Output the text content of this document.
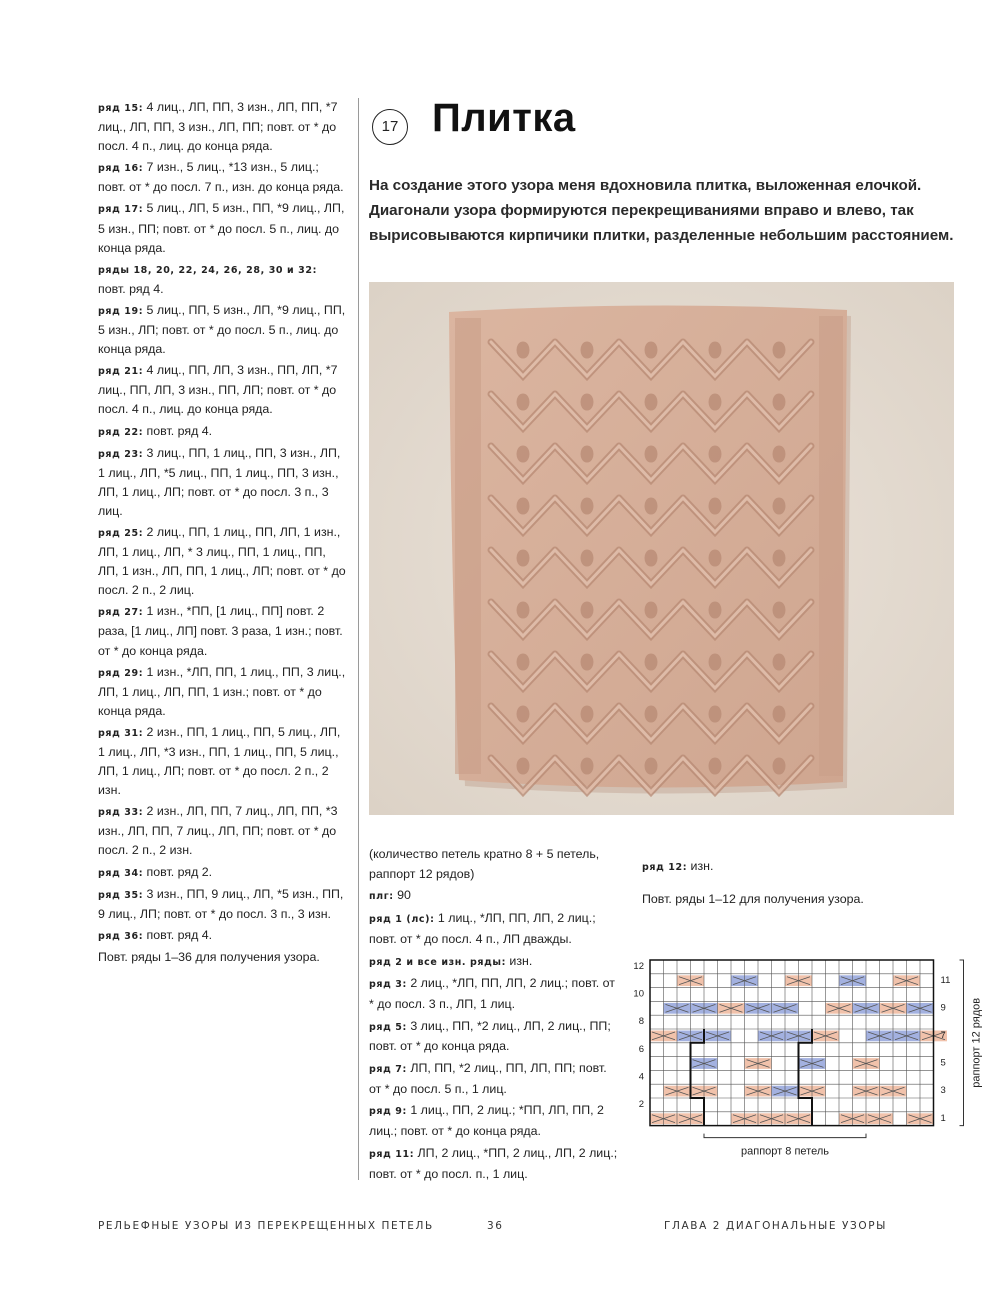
ряд 15: 4 лиц., ЛП, ПП, 3 изн., ЛП, ПП, *7 лиц., ЛП, ПП, 3 изн., ЛП, ПП; повт. от * до посл. 4 п., лиц. до конца ряда.

ряд 16: 7 изн., 5 лиц., *13 изн., 5 лиц.; повт. от * до посл. 7 п., изн. до конца ряда.

ряд 17: 5 лиц., ЛП, 5 изн., ПП, *9 лиц., ЛП, 5 изн., ПП; повт. от * до посл. 5 п., лиц. до конца ряда.

ряды 18, 20, 22, 24, 26, 28, 30 и 32: повт. ряд 4.

ряд 19: 5 лиц., ПП, 5 изн., ЛП, *9 лиц., ПП, 5 изн., ЛП; повт. от * до посл. 5 п., лиц. до конца ряда.

ряд 21: 4 лиц., ПП, ЛП, 3 изн., ПП, ЛП, *7 лиц., ПП, ЛП, 3 изн., ПП, ЛП; повт. от * до посл. 4 п., лиц. до конца ряда.

ряд 22: повт. ряд 4.

ряд 23: 3 лиц., ПП, 1 лиц., ПП, 3 изн., ЛП, 1 лиц., ЛП, *5 лиц., ПП, 1 лиц., ПП, 3 изн., ЛП, 1 лиц., ЛП; повт. от * до посл. 3 п., 3 лиц.

ряд 25: 2 лиц., ПП, 1 лиц., ПП, ЛП, 1 изн., ЛП, 1 лиц., ЛП, * 3 лиц., ПП, 1 лиц., ПП, ЛП, 1 изн., ЛП, ПП, 1 лиц., ЛП; повт. от * до посл. 2 п., 2 лиц.

ряд 27: 1 изн., *ПП, [1 лиц., ПП] повт. 2 раза, [1 лиц., ЛП] повт. 3 раза, 1 изн.; повт. от * до конца ряда.

ряд 29: 1 изн., *ЛП, ПП, 1 лиц., ПП, 3 лиц., ЛП, 1 лиц., ЛП, ПП, 1 изн.; повт. от * до конца ряда.

ряд 31: 2 изн., ПП, 1 лиц., ПП, 5 лиц., ЛП, 1 лиц., ЛП, *3 изн., ПП, 1 лиц., ПП, 5 лиц., ЛП, 1 лиц., ЛП; повт. от * до посл. 2 п., 2 изн.

ряд 33: 2 изн., ЛП, ПП, 7 лиц., ЛП, ПП, *3 изн., ЛП, ПП, 7 лиц., ЛП, ПП; повт. от * до посл. 2 п., 2 изн.

ряд 34: повт. ряд 2.

ряд 35: 3 изн., ПП, 9 лиц., ЛП, *5 изн., ПП, 9 лиц., ЛП; повт. от * до посл. 3 п., 3 изн.

ряд 36: повт. ряд 4.

Повт. ряды 1–36 для получения узора.

17 Плитка
На создание этого узора меня вдохновила плитка, выложенная елочкой. Диагонали узора формируются перекрещиваниями вправо и влево, так вырисовываются кирпичики плитки, разделенные небольшим расстоянием.

(количество петель кратно 8 + 5 петель, раппорт 12 рядов)

плг: 90

ряд 1 (лс): 1 лиц., *ЛП, ПП, ЛП, 2 лиц.; повт. от * до посл. 4 п., ЛП дважды.

ряд 2 и все изн. ряды: изн.

ряд 3: 2 лиц., *ЛП, ПП, ЛП, 2 лиц.; повт. от * до посл. 3 п., ЛП, 1 лиц.

ряд 5: 3 лиц., ПП, *2 лиц., ЛП, 2 лиц., ПП; повт. от * до конца ряда.

ряд 7: ЛП, ПП, *2 лиц., ПП, ЛП, ПП; повт. от * до посл. 5 п., 1 лиц.

ряд 9: 1 лиц., ПП, 2 лиц.; *ПП, ЛП, ПП, 2 лиц.; повт. от * до конца ряда.

ряд 11: ЛП, 2 лиц., *ПП, 2 лиц., ЛП, 2 лиц.; повт. от * до посл. п., 1 лиц.

ряд 12: изн.

Повт. ряды 1–12 для получения узора.

12
10
8
6
4
2
11
9
7
5
3
1
раппорт 8 петель
раппорт 12 рядов
РЕЛЬЕФНЫЕ УЗОРЫ ИЗ ПЕРЕКРЕЩЕННЫХ ПЕТЕЛЬ	36	ГЛАВА 2 ДИАГОНАЛЬНЫЕ УЗОРЫ
